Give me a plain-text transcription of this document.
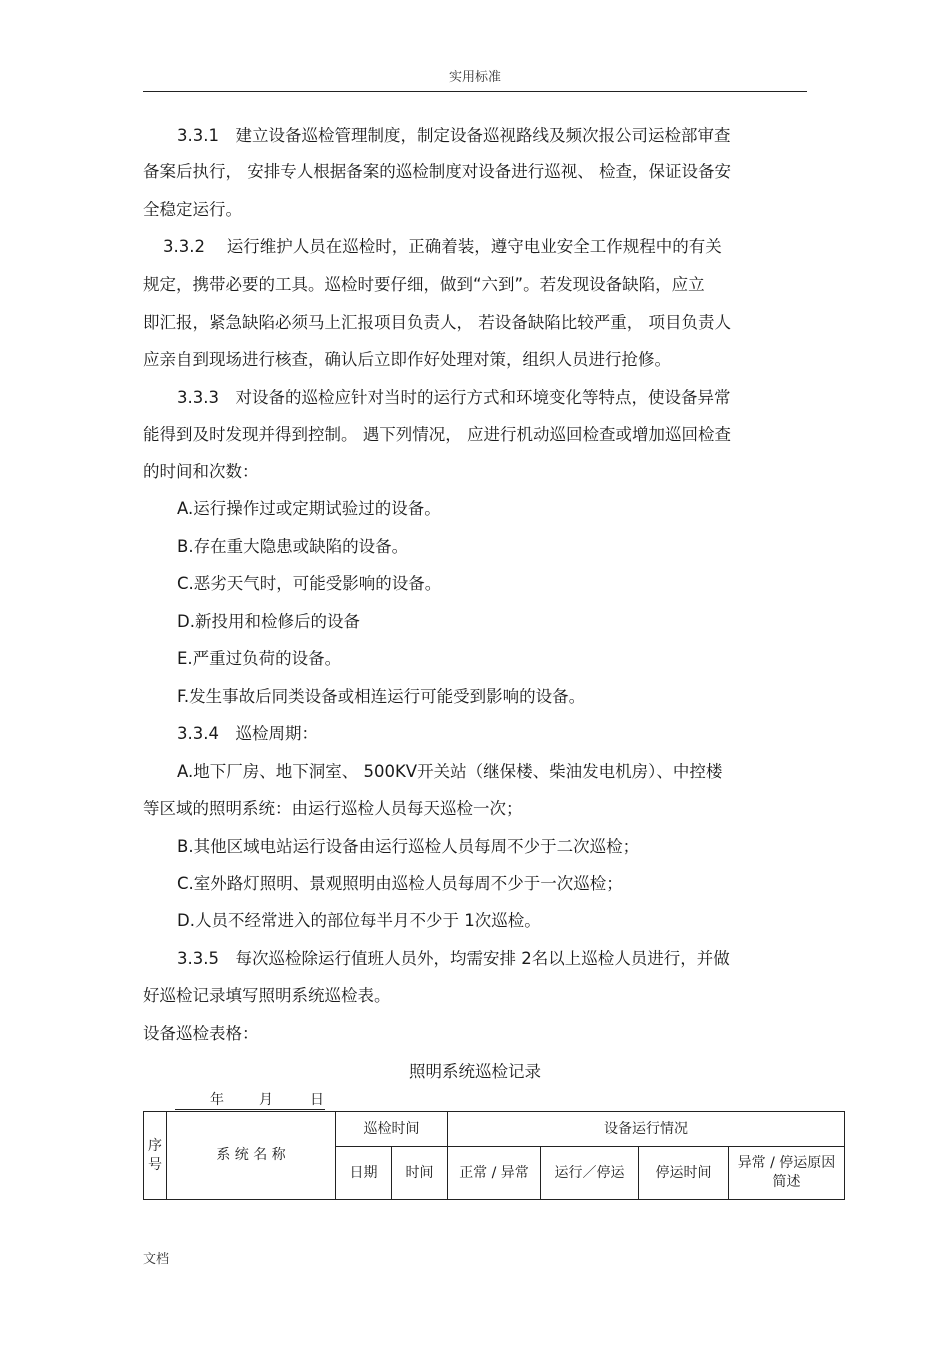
实用标准
3.3.1　建立设备巡检管理制度，制定设备巡视路线及频次报公司运检部审查
备案后执行， 安排专人根据备案的巡检制度对设备进行巡视、 检查，保证设备安
全稳定运行。
3.3.2　 运行维护人员在巡检时，正确着装，遵守电业安全工作规程中的有关
规定，携带必要的工具。巡检时要仔细，做到“六到”。若发现设备缺陷，应立
即汇报，紧急缺陷必须马上汇报项目负责人， 若设备缺陷比较严重， 项目负责人
应亲自到现场进行核查，确认后立即作好处理对策，组织人员进行抢修。
3.3.3　对设备的巡检应针对当时的运行方式和环境变化等特点，使设备异常
能得到及时发现并得到控制。 遇下列情况， 应进行机动巡回检查或增加巡回检查
的时间和次数：
A.运行操作过或定期试验过的设备。
B.存在重大隐患或缺陷的设备。
C.恶劣天气时，可能受影响的设备。
D.新投用和检修后的设备
E.严重过负荷的设备。
F.发生事故后同类设备或相连运行可能受到影响的设备。
3.3.4　巡检周期：
A.地下厂房、地下洞室、 500KV开关站（继保楼、柴油发电机房）、中控楼
等区域的照明系统：由运行巡检人员每天巡检一次；
B.其他区域电站运行设备由运行巡检人员每周不少于二次巡检；
C.室外路灯照明、景观照明由巡检人员每周不少于一次巡检；
D.人员不经常进入的部位每半月不少于 1次巡检。
3.3.5　每次巡检除运行值班人员外，均需安排 2名以上巡检人员进行，并做
好巡检记录填写照明系统巡检表。
设备巡检表格：
照明系统巡检记录
年	月	日
序
号	系 统 名 称	巡检时间		设备运行情况			
		日期	时间	正常 / 异常	运行／停运	停运时间	异常 / 停运原因
简述
文档
